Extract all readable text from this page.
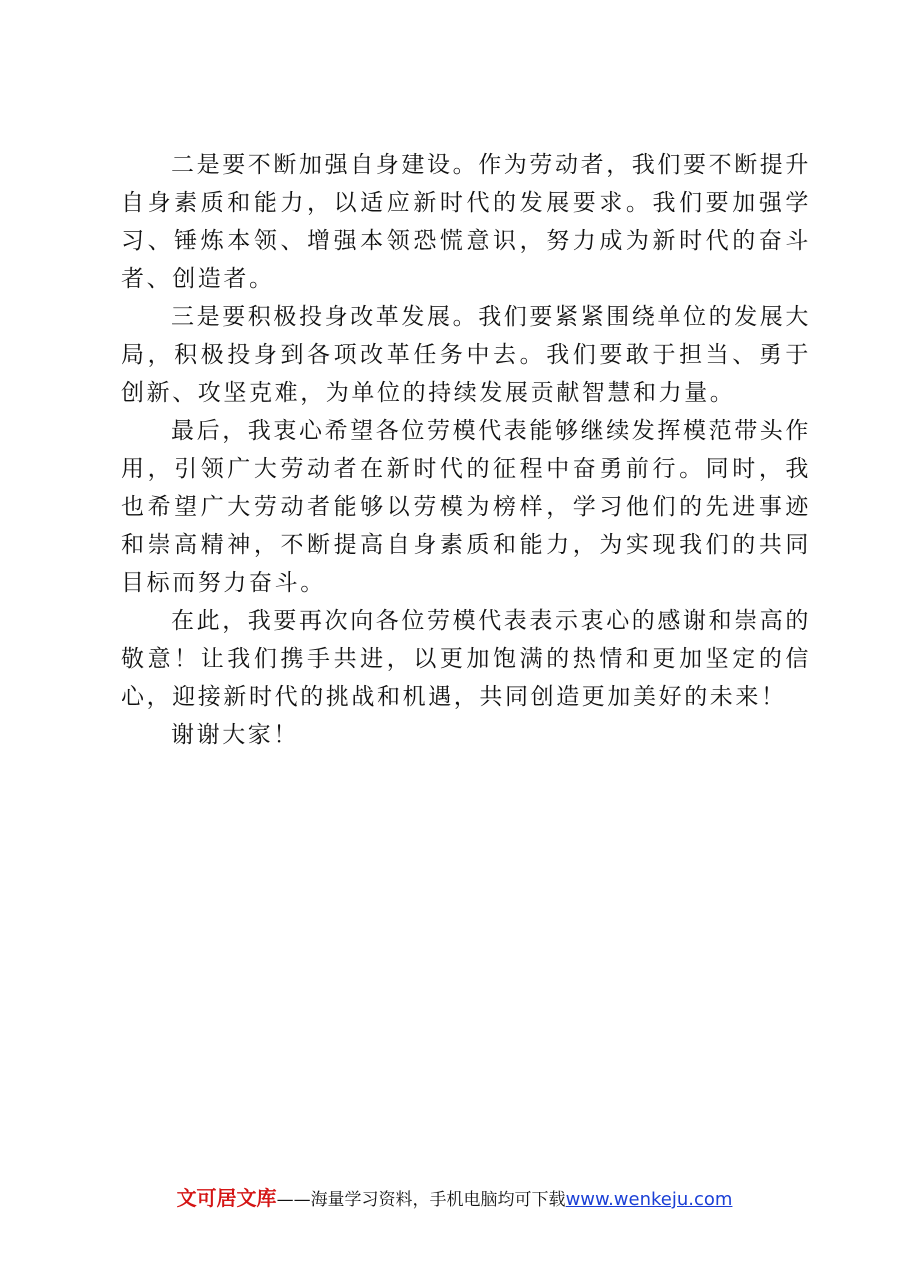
二是要不断加强自身建设。作为劳动者，我们要不断提升自身素质和能力，以适应新时代的发展要求。我们要加强学习、锤炼本领、增强本领恐慌意识，努力成为新时代的奋斗者、创造者。

三是要积极投身改革发展。我们要紧紧围绕单位的发展大局，积极投身到各项改革任务中去。我们要敢于担当、勇于创新、攻坚克难，为单位的持续发展贡献智慧和力量。

最后，我衷心希望各位劳模代表能够继续发挥模范带头作用，引领广大劳动者在新时代的征程中奋勇前行。同时，我也希望广大劳动者能够以劳模为榜样，学习他们的先进事迹和崇高精神，不断提高自身素质和能力，为实现我们的共同目标而努力奋斗。

在此，我要再次向各位劳模代表表示衷心的感谢和崇高的敬意！让我们携手共进，以更加饱满的热情和更加坚定的信心，迎接新时代的挑战和机遇，共同创造更加美好的未来！

谢谢大家！

文可居文库——海量学习资料，手机电脑均可下载www.wenkeju.com
